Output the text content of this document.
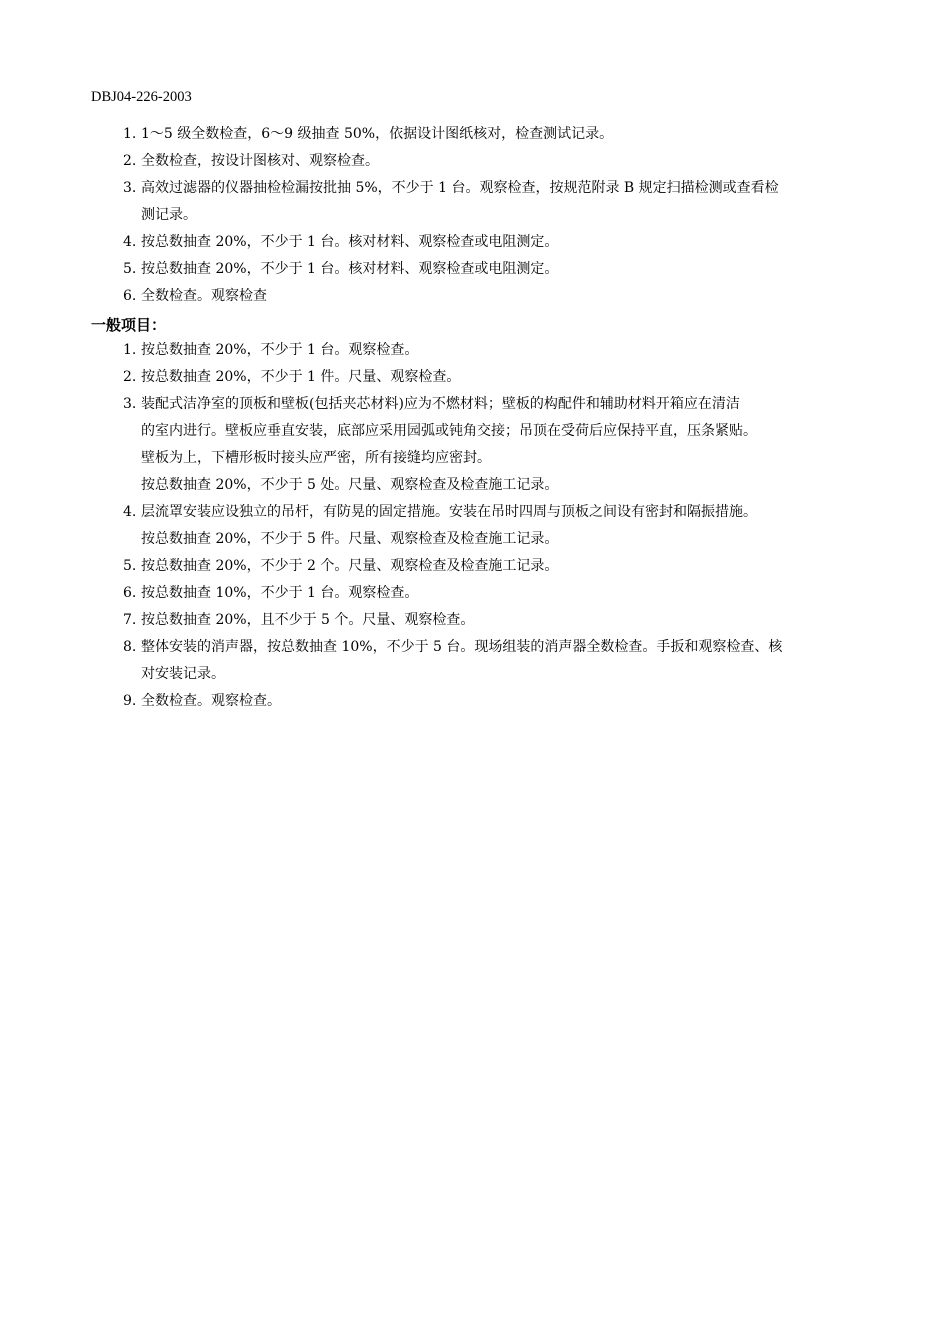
DBJ04-226-2003
1. 1～5 级全数检查，6～9 级抽查 50%，依据设计图纸核对，检查测试记录。
2. 全数检查，按设计图核对、观察检查。
3. 高效过滤器的仪器抽检检漏按批抽 5%，不少于 1 台。观察检查，按规范附录 B 规定扫描检测或查看检
测记录。
4. 按总数抽查 20%，不少于 1 台。核对材料、观察检查或电阻测定。
5. 按总数抽查 20%，不少于 1 台。核对材料、观察检查或电阻测定。
6. 全数检查。观察检查
一般项目：
1. 按总数抽查 20%，不少于 1 台。观察检查。
2. 按总数抽查 20%，不少于 1 件。尺量、观察检查。
3. 装配式洁净室的顶板和壁板(包括夹芯材料)应为不燃材料；壁板的构配件和辅助材料开箱应在清洁
的室内进行。壁板应垂直安装，底部应采用园弧或钝角交接；吊顶在受荷后应保持平直，压条紧贴。
壁板为上，下槽形板时接头应严密，所有接缝均应密封。
按总数抽查 20%，不少于 5 处。尺量、观察检查及检查施工记录。
4. 层流罩安装应设独立的吊杆，有防晃的固定措施。安装在吊时四周与顶板之间设有密封和隔振措施。
按总数抽查 20%，不少于 5 件。尺量、观察检查及检查施工记录。
5. 按总数抽查 20%，不少于 2 个。尺量、观察检查及检查施工记录。
6. 按总数抽查 10%，不少于 1 台。观察检查。
7. 按总数抽查 20%，且不少于 5 个。尺量、观察检查。
8. 整体安装的消声器，按总数抽查 10%，不少于 5 台。现场组装的消声器全数检查。手扳和观察检查、核
对安装记录。
9. 全数检查。观察检查。
